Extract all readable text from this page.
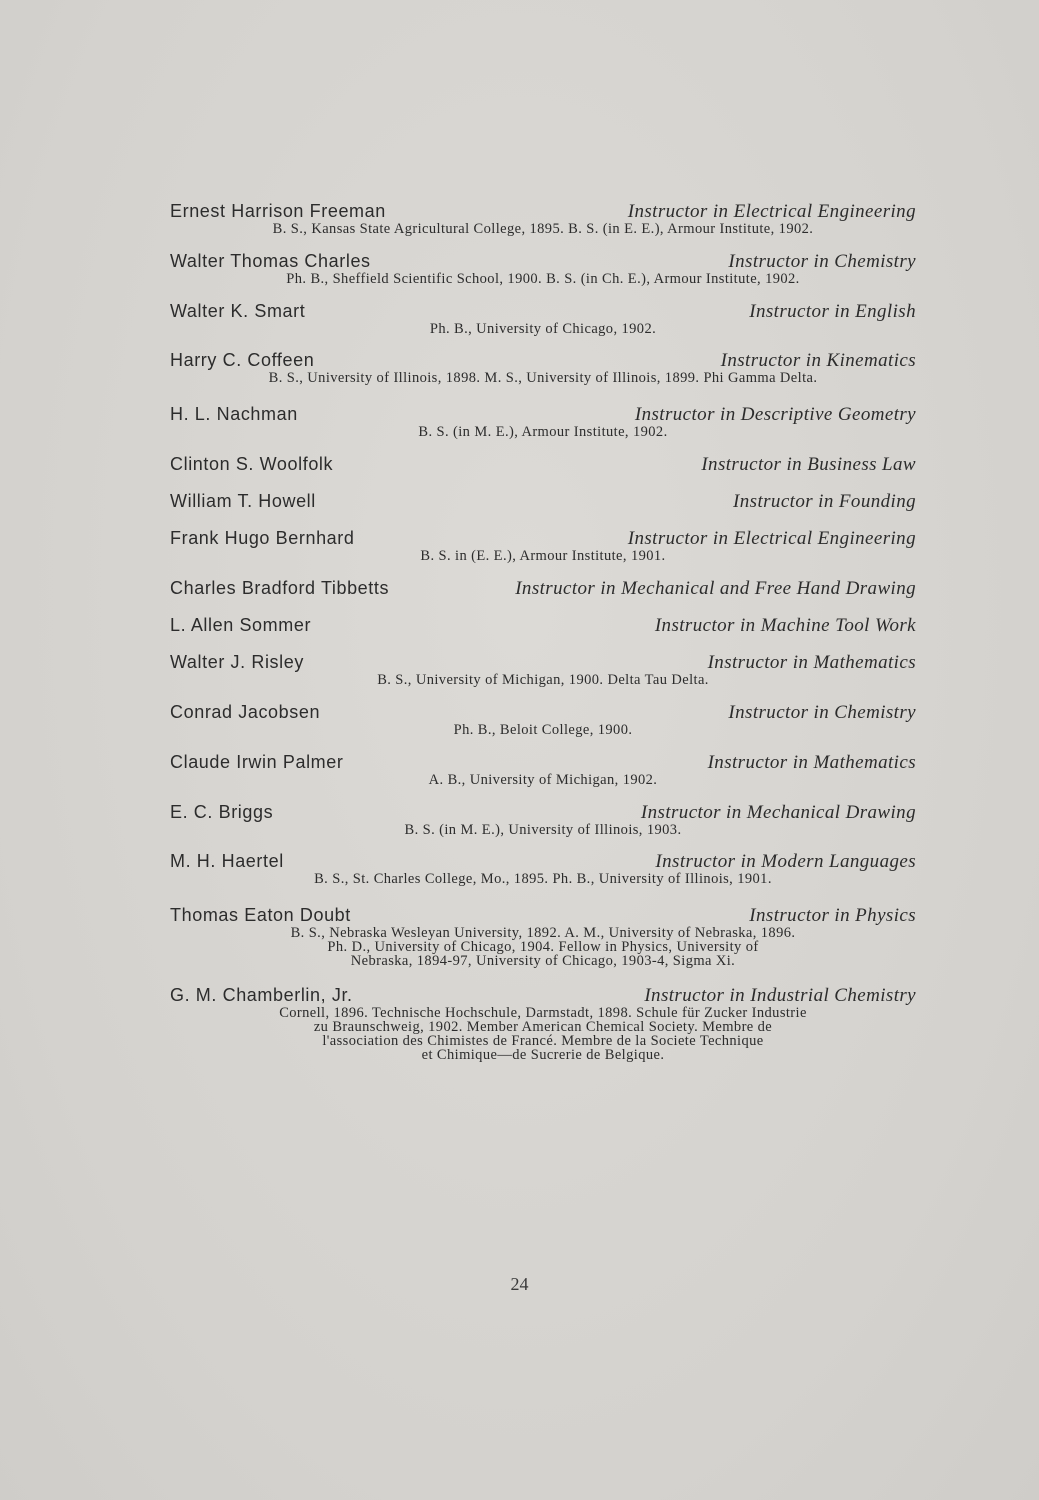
Ernest Harrison Freeman	Instructor in Electrical Engineering
B. S., Kansas State Agricultural College, 1895. B. S. (in E. E.), Armour Institute, 1902.
Walter Thomas Charles	Instructor in Chemistry
Ph. B., Sheffield Scientific School, 1900. B. S. (in Ch. E.), Armour Institute, 1902.
Walter K. Smart	Instructor in English
Ph. B., University of Chicago, 1902.
Harry C. Coffeen	Instructor in Kinematics
B. S., University of Illinois, 1898. M. S., University of Illinois, 1899. Phi Gamma Delta.
H. L. Nachman	Instructor in Descriptive Geometry
B. S. (in M. E.), Armour Institute, 1902.
Clinton S. Woolfolk	Instructor in Business Law
William T. Howell	Instructor in Founding
Frank Hugo Bernhard	Instructor in Electrical Engineering
B. S. in (E. E.), Armour Institute, 1901.
Charles Bradford Tibbetts	Instructor in Mechanical and Free Hand Drawing
L. Allen Sommer	Instructor in Machine Tool Work
Walter J. Risley	Instructor in Mathematics
B. S., University of Michigan, 1900. Delta Tau Delta.
Conrad Jacobsen	Instructor in Chemistry
Ph. B., Beloit College, 1900.
Claude Irwin Palmer	Instructor in Mathematics
A. B., University of Michigan, 1902.
E. C. Briggs	Instructor in Mechanical Drawing
B. S. (in M. E.), University of Illinois, 1903.
M. H. Haertel	Instructor in Modern Languages
B. S., St. Charles College, Mo., 1895. Ph. B., University of Illinois, 1901.
Thomas Eaton Doubt	Instructor in Physics
B. S., Nebraska Wesleyan University, 1892. A. M., University of Nebraska, 1896.
Ph. D., University of Chicago, 1904. Fellow in Physics, University of
Nebraska, 1894-97, University of Chicago, 1903-4, Sigma Xi.
G. M. Chamberlin, Jr.	Instructor in Industrial Chemistry
Cornell, 1896. Technische Hochschule, Darmstadt, 1898. Schule für Zucker Industrie
zu Braunschweig, 1902. Member American Chemical Society. Membre de
l'association des Chimistes de Francé. Membre de la Societe Technique
et Chimique—de Sucrerie de Belgique.
24
